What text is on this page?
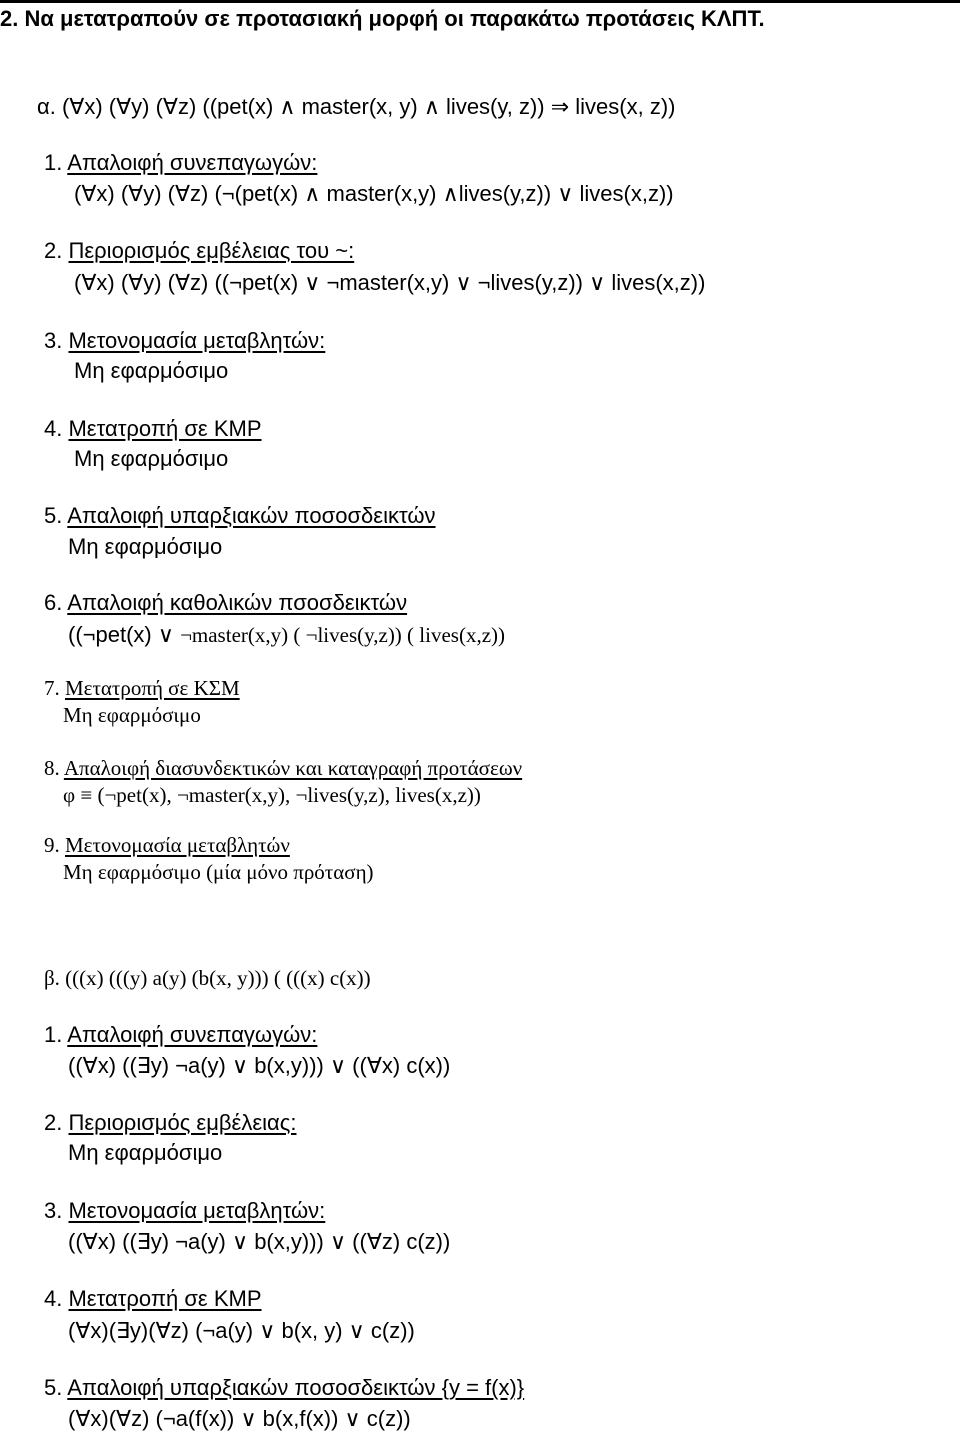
2. Να μετατραπούν σε προτασιακή μορφή οι παρακάτω προτάσεις ΚΛΠΤ.
α. (∀x) (∀y) (∀z) ((pet(x) ∧ master(x, y) ∧ lives(y, z)) ⇒ lives(x, z))
1. Απαλοιφή συνεπαγωγών:
(∀x) (∀y) (∀z) (¬(pet(x) ∧ master(x,y) ∧lives(y,z)) ∨ lives(x,z))
2. Περιορισμός εμβέλειας του ~:
(∀x) (∀y) (∀z) ((¬pet(x) ∨ ¬master(x,y) ∨ ¬lives(y,z)) ∨ lives(x,z))
3. Μετονομασία μεταβλητών:
Μη εφαρμόσιμο
4. Μετατροπή σε ΚΜΡ
Μη εφαρμόσιμο
5. Απαλοιφή υπαρξιακών ποσοσδεικτών
Μη εφαρμόσιμο
6. Απαλοιφή καθολικών πσοσδεικτών
((¬pet(x) ∨ ¬master(x,y) ( ¬lives(y,z)) ( lives(x,z))
7. Μετατροπή σε ΚΣΜ
Μη εφαρμόσιμο
8. Απαλοιφή διασυνδεκτικών και καταγραφή προτάσεων
φ ≡ (¬pet(x), ¬master(x,y), ¬lives(y,z), lives(x,z))
9. Μετονομασία μεταβλητών
Μη εφαρμόσιμο (μία μόνο πρόταση)
β. (((x) (((y) a(y) (b(x, y))) ( (((x) c(x))
1. Απαλοιφή συνεπαγωγών:
((∀x) ((∃y) ¬a(y) ∨ b(x,y))) ∨ ((∀x) c(x))
2. Περιορισμός εμβέλειας:
Μη εφαρμόσιμο
3. Μετονομασία μεταβλητών:
((∀x) ((∃y) ¬a(y) ∨ b(x,y))) ∨ ((∀z) c(z))
4. Μετατροπή σε ΚΜΡ
(∀x)(∃y)(∀z) (¬a(y) ∨ b(x, y) ∨ c(z))
5. Απαλοιφή υπαρξιακών ποσοσδεικτών {y = f(x)}
(∀x)(∀z) (¬a(f(x)) ∨ b(x,f(x)) ∨ c(z))
